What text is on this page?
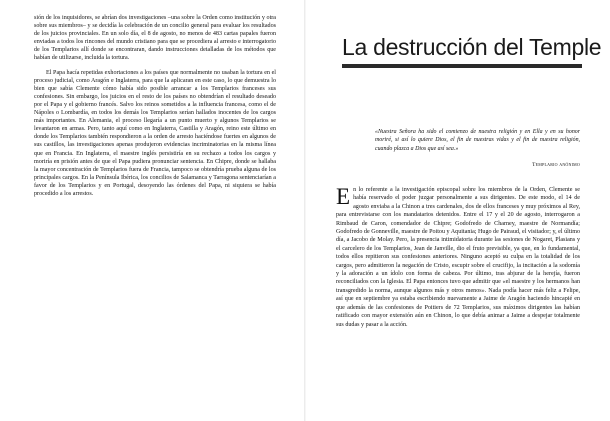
sión de los inquisidores, se abrían dos investigaciones –una sobre la Orden como institución y otra sobre sus miembros– y se decidía la celebración de un concilio general para evaluar los resultados de los juicios provinciales. En un solo día, el 8 de agosto, no menos de 483 cartas papales fueron enviadas a todos los rincones del mundo cristiano para que se procediera al arresto e interrogatorio de los Templarios allí donde se encontraran, dando instrucciones detalladas de los métodos que habían de utilizarse, incluida la tortura.

El Papa hacía repetidas exhortaciones a los países que normalmente no usaban la tortura en el proceso judicial, como Aragón e Inglaterra, para que la aplicaran en este caso, lo que demuestra lo bien que sabía Clemente cómo había sido posible arrancar a los Templarios franceses sus confesiones. Sin embargo, los juicios en el resto de los países no obtendrían el resultado deseado por el Papa y el gobierno francés. Salvo los reinos sometidos a la influencia francesa, como el de Nápoles o Lombardía, en todos los demás los Templarios serían hallados inocentes de los cargos más importantes. En Alemania, el proceso llegaría a un punto muerto y algunos Templarios se levantaron en armas. Pero, tanto aquí como en Inglaterra, Castilla y Aragón, reino este último en donde los Templarios también respondieron a la orden de arresto haciéndose fuertes en algunos de sus castillos, las investigaciones apenas produjeron evidencias incriminatorias en la misma línea que en Francia. En Inglaterra, el maestre inglés persistiría en su rechazo a todos los cargos y moriría en prisión antes de que el Papa pudiera pronunciar sentencia. En Chipre, donde se hallaba la mayor concentración de Templarios fuera de Francia, tampoco se obtendría prueba alguna de los principales cargos. En la Península Ibérica, los concilios de Salamanca y Tarragona sentenciarían a favor de los Templarios y en Portugal, desoyendo las órdenes del Papa, ni siquiera se había procedido a los arrestos.

La destrucción del Temple
«Nuestra Señora ha sido el comienzo de nuestra religión y en Ella y en su honor moriré, si así lo quiere Dios, el fin de nuestras vidas y el fin de nuestra religión, cuando plazca a Dios que así sea.»
Templario anónimo

En lo referente a la investigación episcopal sobre los miembros de la Orden, Clemente se había reservado el poder juzgar personalmente a sus dirigentes. De este modo, el 14 de agosto enviaba a la Chinon a tres cardenales, dos de ellos franceses y muy próximos al Rey, para entrevistarse con los mandatarios detenidos. Entre el 17 y el 20 de agosto, interrogaron a Rimbaud de Caron, comendador de Chipre; Godofredo de Charney, maestre de Normandía; Godofredo de Gonneville, maestre de Poitou y Aquitania; Hugo de Pairaud, el visitador; y, el último día, a Jacobo de Molay. Pero, la presencia intimidatoria durante las sesiones de Nogaret, Plasians y el carcelero de los Templarios, Jean de Janville, dio el fruto previsible, ya que, en lo fundamental, todos ellos repitieron sus confesiones anteriores. Ninguno aceptó su culpa en la totalidad de los cargos, pero admitieron la negación de Cristo, escupir sobre el crucifijo, la incitación a la sodomía y la adoración a un ídolo con forma de cabeza. Por último, tras abjurar de la herejía, fueron reconciliados con la Iglesia. El Papa entonces tuvo que admitir que «el maestre y los hermanos han transgredido la norma, aunque algunos más y otros menos». Nada podía hacer más feliz a Felipe, así que en septiembre ya estaba escribiendo nuevamente a Jaime de Aragón haciendo hincapié en que además de las confesiones de Poitiers de 72 Templarios, sus máximos dirigentes las habían ratificado con mayor extensión aún en Chinon, lo que debía animar a Jaime a despejar totalmente sus dudas y pasar a la acción.
